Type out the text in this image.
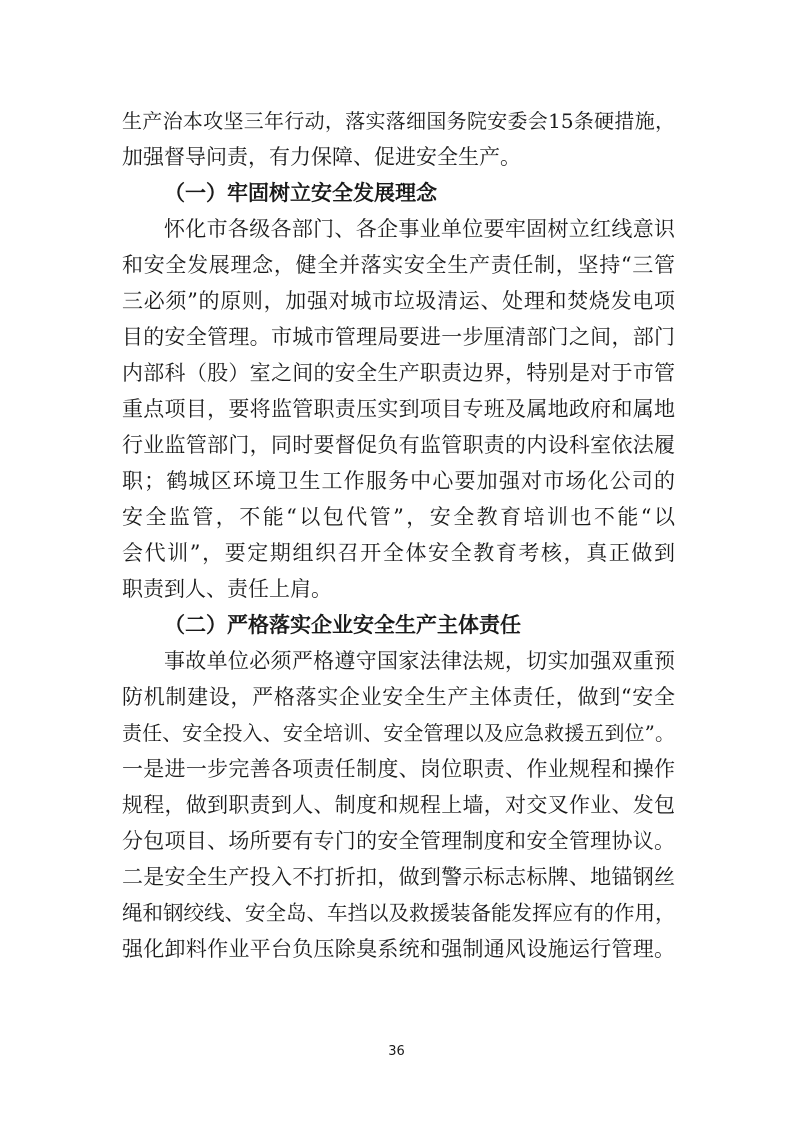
生产治本攻坚三年行动，落实落细国务院安委会15条硬措施，
加强督导问责，有力保障、促进安全生产。
（一）牢固树立安全发展理念
怀化市各级各部门、各企事业单位要牢固树立红线意识
和安全发展理念，健全并落实安全生产责任制，坚持“三管
三必须”的原则，加强对城市垃圾清运、处理和焚烧发电项
目的安全管理。市城市管理局要进一步厘清部门之间，部门
内部科（股）室之间的安全生产职责边界，特别是对于市管
重点项目，要将监管职责压实到项目专班及属地政府和属地
行业监管部门，同时要督促负有监管职责的内设科室依法履
职；鹤城区环境卫生工作服务中心要加强对市场化公司的
安全监管，不能“以包代管”，安全教育培训也不能“以
会代训”，要定期组织召开全体安全教育考核，真正做到
职责到人、责任上肩。
（二）严格落实企业安全生产主体责任
事故单位必须严格遵守国家法律法规，切实加强双重预
防机制建设，严格落实企业安全生产主体责任，做到“安全
责任、安全投入、安全培训、安全管理以及应急救援五到位”。
一是进一步完善各项责任制度、岗位职责、作业规程和操作
规程，做到职责到人、制度和规程上墙，对交叉作业、发包
分包项目、场所要有专门的安全管理制度和安全管理协议。
二是安全生产投入不打折扣，做到警示标志标牌、地锚钢丝
绳和钢绞线、安全岛、车挡以及救援装备能发挥应有的作用，
强化卸料作业平台负压除臭系统和强制通风设施运行管理。
36
